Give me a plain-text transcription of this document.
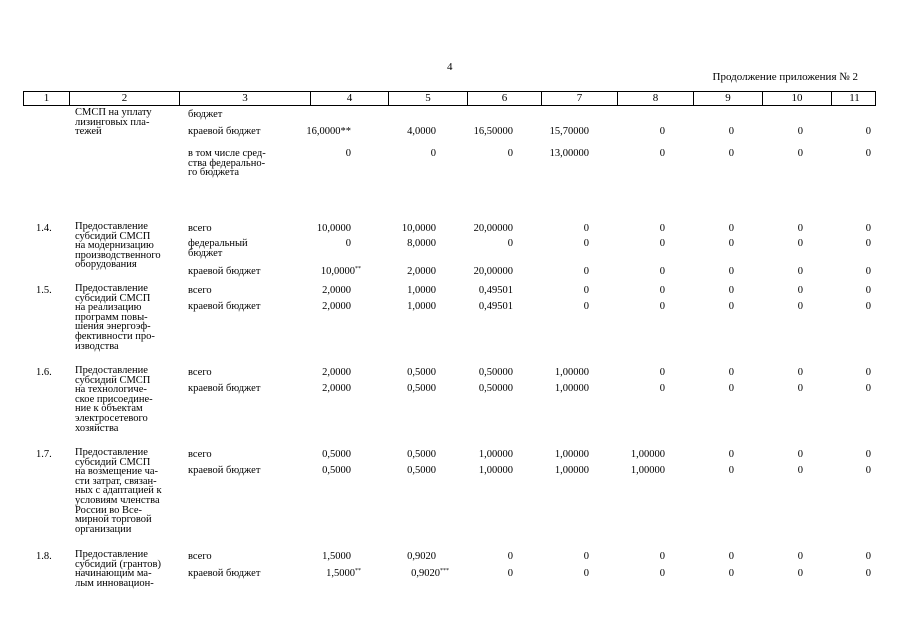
4
Продолжение приложения № 2
1	2	3	4	5	6	7	8	9	10	11
СМСП на уплату
лизинговых пла-
тежей
бюджет
краевой бюджет	16,0000**	4,0000	16,50000	15,70000	0	0	0	0
в том числе сред-
ства федерально-
го бюджета
0	0	0	13,00000	0	0	0	0
1.4. Предоставление
субсидий СМСП
на модернизацию
производственного
оборудования
всего	10,0000	10,0000	20,00000	0	0	0	0	0
федеральный
бюджет
0	8,0000	0	0	0	0	0	0
краевой бюджет	10,0000**	2,0000	20,00000	0	0	0	0	0
1.5. Предоставление
субсидий СМСП
на реализацию
программ повы-
шения энергоэф-
фективности про-
изводства
всего	2,0000	1,0000	0,49501	0	0	0	0	0
краевой бюджет	2,0000	1,0000	0,49501	0	0	0	0	0
1.6. Предоставление
субсидий СМСП
на технологиче-
ское присоедине-
ние к объектам
электросетевого
хозяйства
всего	2,0000	0,5000	0,50000	1,00000	0	0	0	0
краевой бюджет	2,0000	0,5000	0,50000	1,00000	0	0	0	0
1.7. Предоставление
субсидий СМСП
на возмещение ча-
сти затрат, связан-
ных с адаптацией к
условиям членства
России во Все-
мирной торговой
организации
всего	0,5000	0,5000	1,00000	1,00000	1,00000	0	0	0
краевой бюджет	0,5000	0,5000	1,00000	1,00000	1,00000	0	0	0
1.8. Предоставление
субсидий (грантов)
начинающим ма-
лым инновацион-
всего	1,5000	0,9020	0	0	0	0	0	0
краевой бюджет	1,5000**	0,9020***	0	0	0	0	0	0
